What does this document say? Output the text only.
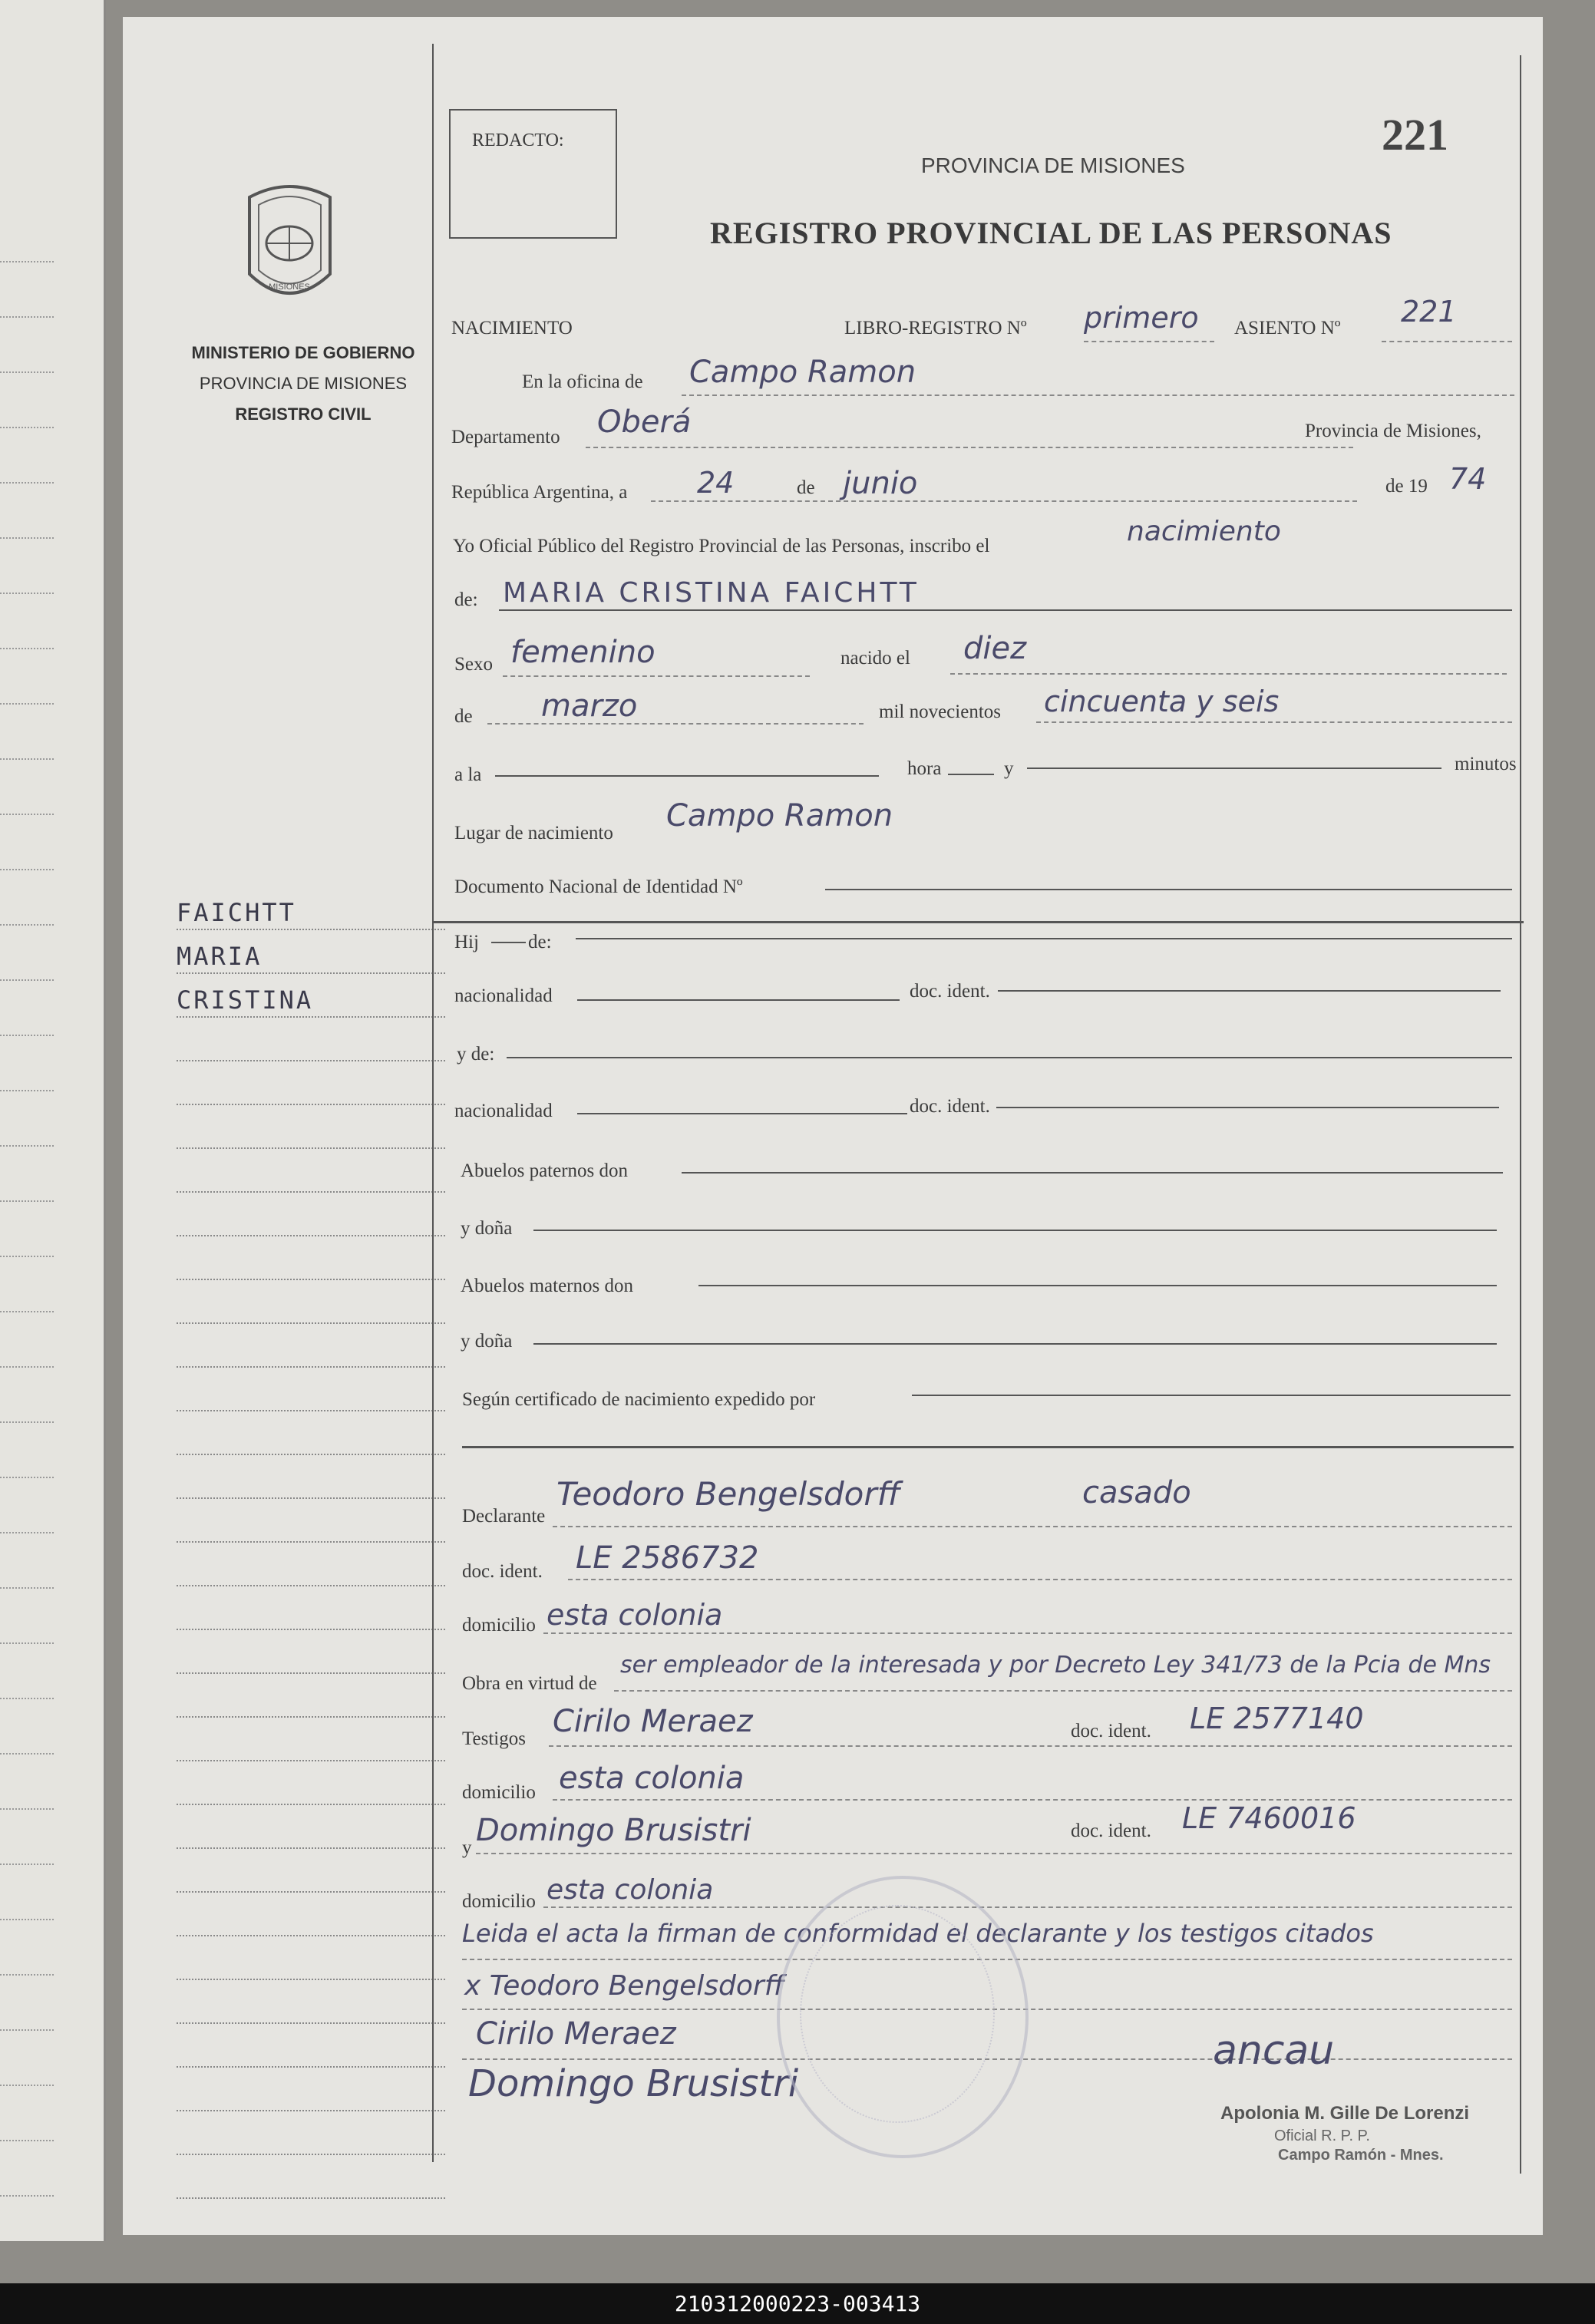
MISIONES
MINISTERIO DE GOBIERNO
PROVINCIA DE MISIONES
REGISTRO CIVIL
FAICHTT
MARIA
CRISTINA
REDACTO:	221
PROVINCIA DE MISIONES
REGISTRO PROVINCIAL DE LAS PERSONAS
NACIMIENTO	LIBRO-REGISTRO Nº primero ASIENTO Nº 221
En la oficina de Campo Ramon
Departamento Oberá	Provincia de Misiones,
República Argentina, a 24	de junio	de 19 74
Yo Oficial Público del Registro Provincial de las Personas, inscribo el	nacimiento
de: MARIA CRISTINA FAICHTT
Sexo femenino	nacido el diez
de marzo	mil novecientos cincuenta y seis
a la	hora	y	minutos
Lugar de nacimiento Campo Ramon
Documento Nacional de Identidad Nº
Hij	de:
nacionalidad	doc. ident.
y de:
nacionalidad	doc. ident.
Abuelos paternos don
y doña
Abuelos maternos don
y doña
Según certificado de nacimiento expedido por
Declarante
Teodoro Bengelsdorff	casado
doc. ident. LE 2586732
domicilio esta colonia
Obra en virtud de
ser empleador de la interesada y por Decreto Ley 341/73 de la Pcia de Mns
Testigos Cirilo Meraez	doc. ident. LE 2577140
domicilio esta colonia
y Domingo Brusistri	doc. ident. LE 7460016
domicilio esta colonia
Leida el acta la firman de conformidad el declarante y los testigos citados
x Teodoro Bengelsdorff
Cirilo Meraez
Domingo Brusistri
ancau
Apolonia M. Gille De Lorenzi
Oficial R. P. P.
Campo Ramón - Mnes.
210312000223-003413
